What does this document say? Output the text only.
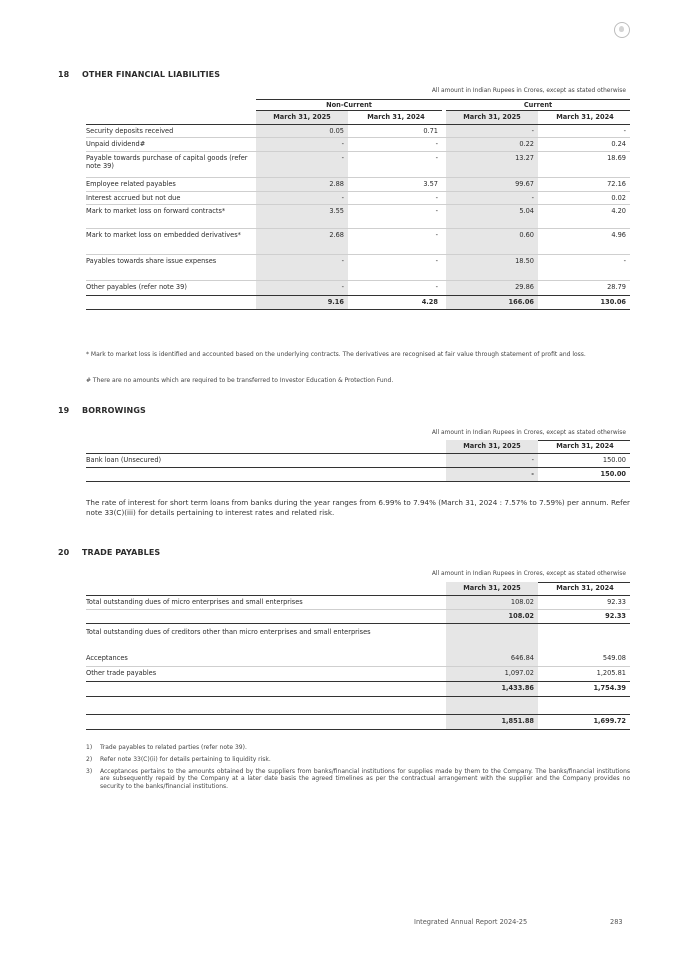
18 OTHER FINANCIAL LIABILITIES
All amount in Indian Rupees in Crores, except as stated otherwise
Non-Current	Current
March 31, 2025	March 31, 2024	March 31, 2025	March 31, 2024
Security deposits received	0.05	0.71	-	-
Unpaid dividend#	-	-	0.22	0.24
Payable towards purchase of capital goods (refer note 39)
-	-	13.27	18.69
Employee related payables	2.88	3.57	99.67	72.16
Interest accrued but not due	-	-	-	0.02
Mark to market loss on forward contracts*	3.55	-	5.04	4.20
Mark to market loss on embedded derivatives*	2.68	-	0.60	4.96
Payables towards share issue expenses	-	-	18.50	-
Other payables (refer note 39)	-	-	29.86	28.79
9.16	4.28	166.06	130.06
* Mark to market loss is identified and accounted based on the underlying contracts. The derivatives are recognised at fair value through statement of profit and loss.
# There are no amounts which are required to be transferred to Investor Education & Protection Fund.
19 BORROWINGS
All amount in Indian Rupees in Crores, except as stated otherwise
March 31, 2025	March 31, 2024
Bank loan (Unsecured)	-	150.00
-	150.00
The rate of interest for short term loans from banks during the year ranges from 6.99% to 7.94% (March 31, 2024 : 7.57% to 7.59%) per annum. Refer note 33(C)(iii) for details pertaining to interest rates and related risk.
20 TRADE PAYABLES
All amount in Indian Rupees in Crores, except as stated otherwise
March 31, 2025	March 31, 2024
Total outstanding dues of micro enterprises and small enterprises	108.02	92.33
108.02	92.33
Total outstanding dues of creditors other than micro enterprises and small enterprises
Acceptances	646.84	549.08
Other trade payables	1,097.02	1,205.81
1,433.86	1,754.39
1,851.88	1,699.72
1) Trade payables to related parties (refer note 39).
2) Refer note 33(C)(ii) for details pertaining to liquidity risk.
3) Acceptances pertains to the amounts obtained by the suppliers from banks/financial institutions for supplies made by them to the Company. The banks/financial institutions are subsequently repaid by the Company at a later date basis the agreed timelines as per the contractual arrangement with the supplier and the Company provides no security to the banks/financial institutions.
Integrated Annual Report 2024-25	283
